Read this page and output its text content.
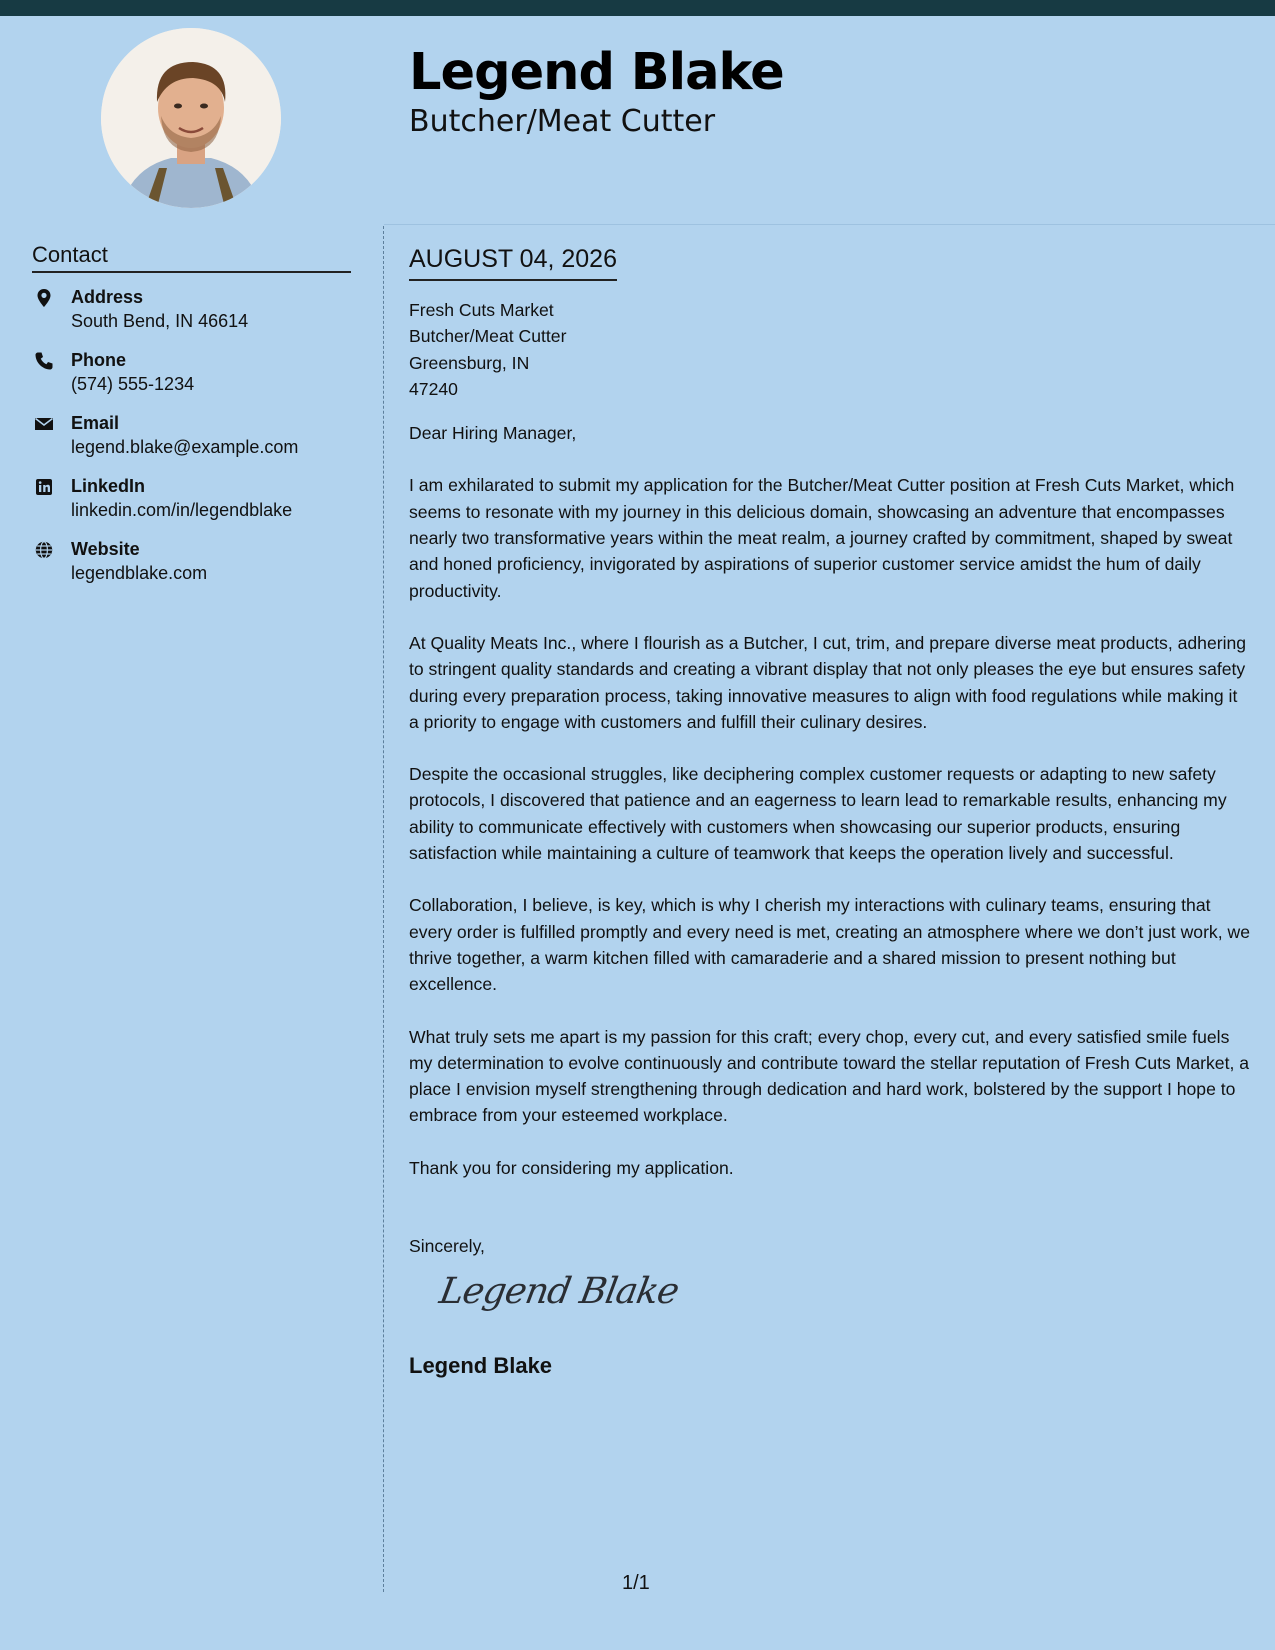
Legend Blake
Butcher/Meat Cutter
Contact
Address
South Bend, IN 46614
Phone
(574) 555-1234
Email
legend.blake@example.com
LinkedIn
linkedin.com/in/legendblake
Website
legendblake.com
AUGUST 04, 2026
Fresh Cuts Market
Butcher/Meat Cutter
Greensburg, IN
47240
Dear Hiring Manager,

I am exhilarated to submit my application for the Butcher/Meat Cutter position at Fresh Cuts Market, which seems to resonate with my journey in this delicious domain, showcasing an adventure that encompasses nearly two transformative years within the meat realm, a journey crafted by commitment, shaped by sweat and honed proficiency, invigorated by aspirations of superior customer service amidst the hum of daily productivity.

At Quality Meats Inc., where I flourish as a Butcher, I cut, trim, and prepare diverse meat products, adhering to stringent quality standards and creating a vibrant display that not only pleases the eye but ensures safety during every preparation process, taking innovative measures to align with food regulations while making it a priority to engage with customers and fulfill their culinary desires.

Despite the occasional struggles, like deciphering complex customer requests or adapting to new safety protocols, I discovered that patience and an eagerness to learn lead to remarkable results, enhancing my ability to communicate effectively with customers when showcasing our superior products, ensuring satisfaction while maintaining a culture of teamwork that keeps the operation lively and successful.

Collaboration, I believe, is key, which is why I cherish my interactions with culinary teams, ensuring that every order is fulfilled promptly and every need is met, creating an atmosphere where we don’t just work, we thrive together, a warm kitchen filled with camaraderie and a shared mission to present nothing but excellence.

What truly sets me apart is my passion for this craft; every chop, every cut, and every satisfied smile fuels my determination to evolve continuously and contribute toward the stellar reputation of Fresh Cuts Market, a place I envision myself strengthening through dedication and hard work, bolstered by the support I hope to embrace from your esteemed workplace.

Thank you for considering my application.
Sincerely,
Legend Blake
Legend Blake
1/1
